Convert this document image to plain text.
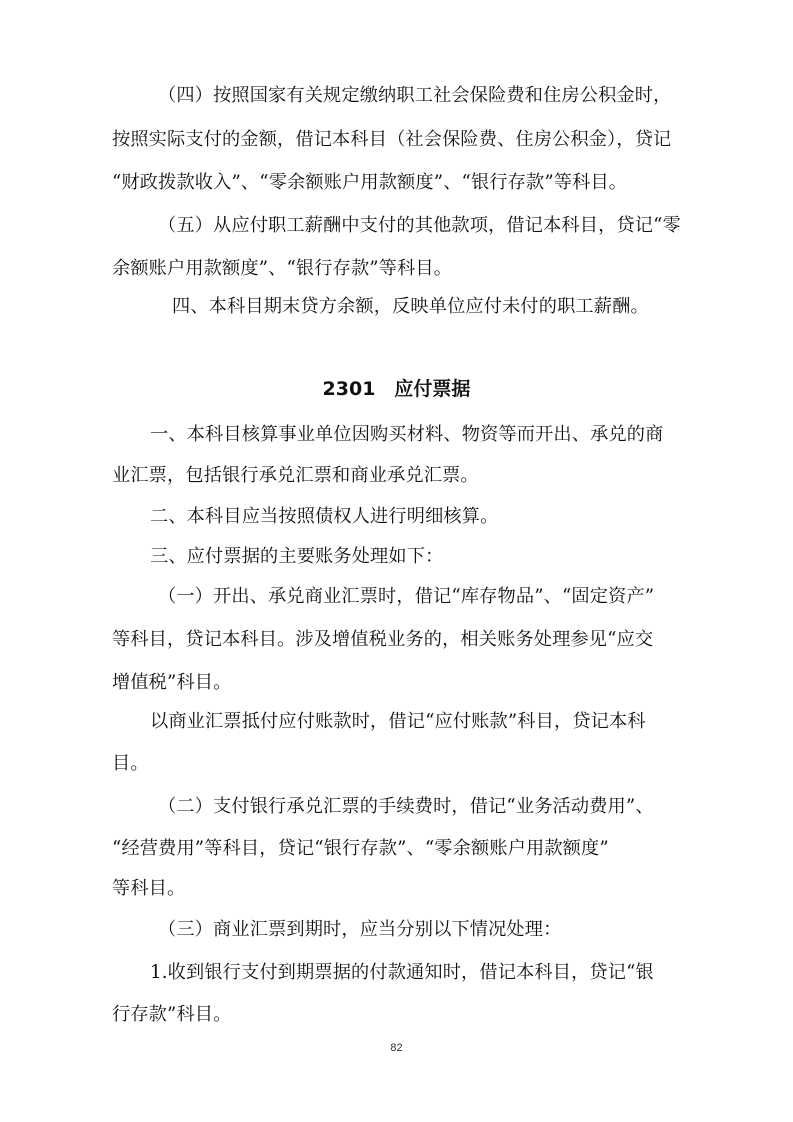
（四）按照国家有关规定缴纳职工社会保险费和住房公积金时，
按照实际支付的金额，借记本科目（社会保险费、住房公积金），贷记
“财政拨款收入”、“零余额账户用款额度”、“银行存款”等科目。
（五）从应付职工薪酬中支付的其他款项，借记本科目，贷记“零
余额账户用款额度”、“银行存款”等科目。
四、本科目期末贷方余额，反映单位应付未付的职工薪酬。
2301　应付票据
一、本科目核算事业单位因购买材料、物资等而开出、承兑的商
业汇票，包括银行承兑汇票和商业承兑汇票。
二、本科目应当按照债权人进行明细核算。
三、应付票据的主要账务处理如下：
（一）开出、承兑商业汇票时，借记“库存物品”、“固定资产”
等科目，贷记本科目。涉及增值税业务的，相关账务处理参见“应交
增值税”科目。
以商业汇票抵付应付账款时，借记“应付账款”科目，贷记本科
目。
（二）支付银行承兑汇票的手续费时，借记“业务活动费用”、
“经营费用”等科目，贷记“银行存款”、“零余额账户用款额度”
等科目。
（三）商业汇票到期时，应当分别以下情况处理：
1.收到银行支付到期票据的付款通知时，借记本科目，贷记“银
行存款”科目。
82
